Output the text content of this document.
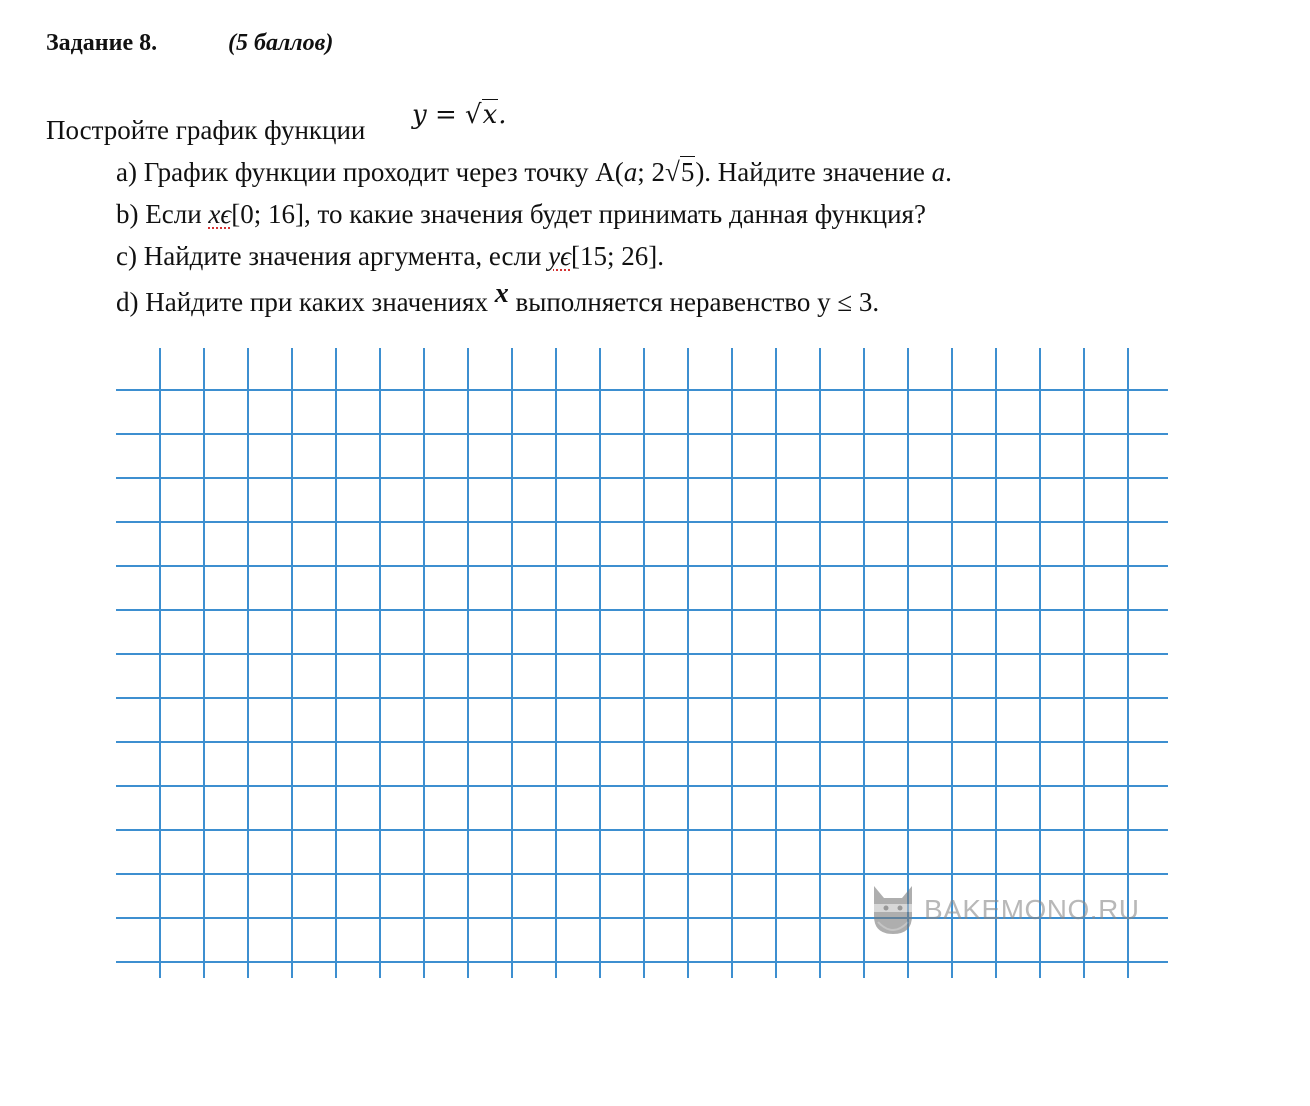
Задание 8.	(5 баллов)
Постройте график функции y = √x.
а) График функции проходит через точку А(a; 2√5). Найдите значение a.
b) Если xϵ[0; 16], то какие значения будет принимать данная функция?
c) Найдите значения аргумента, если yϵ[15; 26].
d) Найдите при каких значениях x выполняется неравенство y ≤ 3.
BAKEMONO.RU
